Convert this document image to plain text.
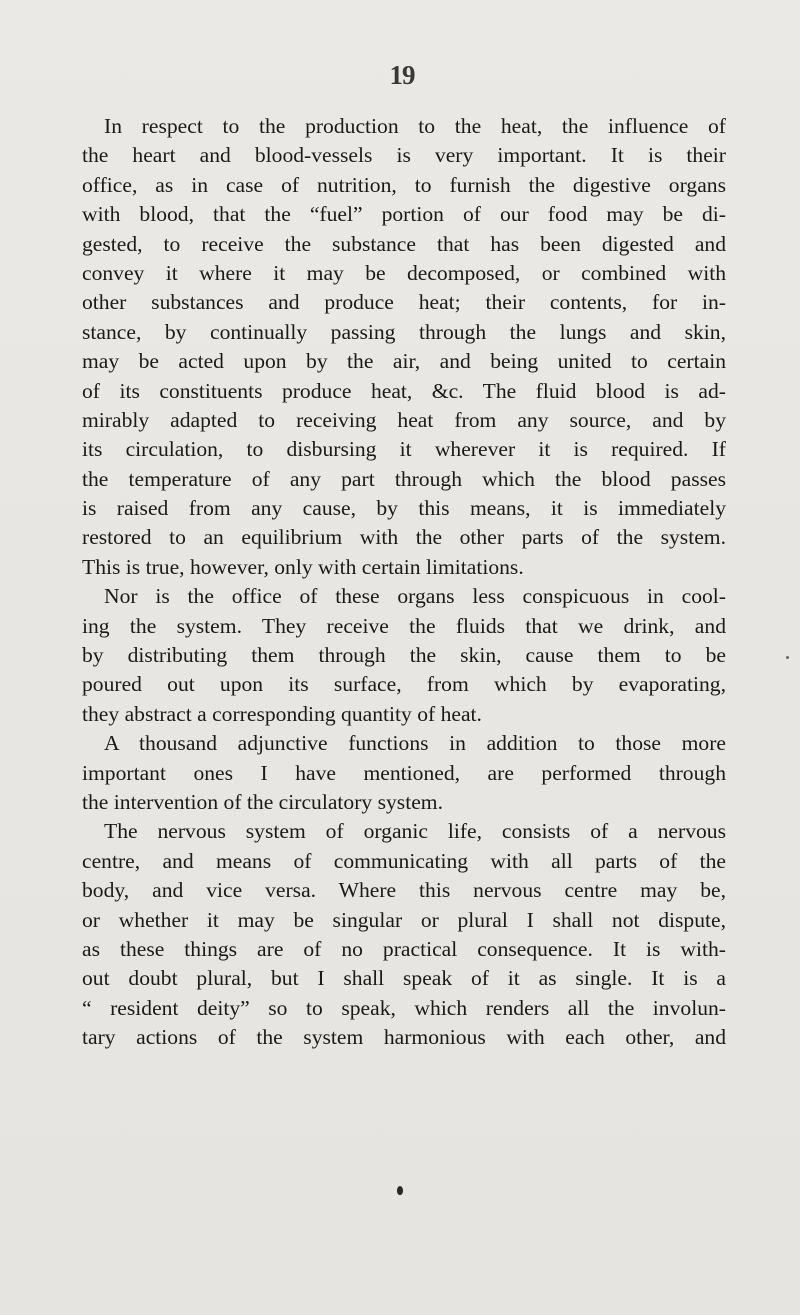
19
In respect to the production to the heat, the influence of
the heart and blood-vessels is very important. It is their
office, as in case of nutrition, to furnish the digestive organs
with blood, that the “fuel” portion of our food may be di-
gested, to receive the substance that has been digested and
convey it where it may be decomposed, or combined with
other substances and produce heat; their contents, for in-
stance, by continually passing through the lungs and skin,
may be acted upon by the air, and being united to certain
of its constituents produce heat, &c. The fluid blood is ad-
mirably adapted to receiving heat from any source, and by
its circulation, to disbursing it wherever it is required. If
the temperature of any part through which the blood passes
is raised from any cause, by this means, it is immediately
restored to an equilibrium with the other parts of the system.
This is true, however, only with certain limitations.
Nor is the office of these organs less conspicuous in cool-
ing the system. They receive the fluids that we drink, and
by distributing them through the skin, cause them to be
poured out upon its surface, from which by evaporating,
they abstract a corresponding quantity of heat.
A thousand adjunctive functions in addition to those more
important ones I have mentioned, are performed through
the intervention of the circulatory system.
The nervous system of organic life, consists of a nervous
centre, and means of communicating with all parts of the
body, and vice versa. Where this nervous centre may be,
or whether it may be singular or plural I shall not dispute,
as these things are of no practical consequence. It is with-
out doubt plural, but I shall speak of it as single. It is a
“ resident deity” so to speak, which renders all the involun-
tary actions of the system harmonious with each other, and
